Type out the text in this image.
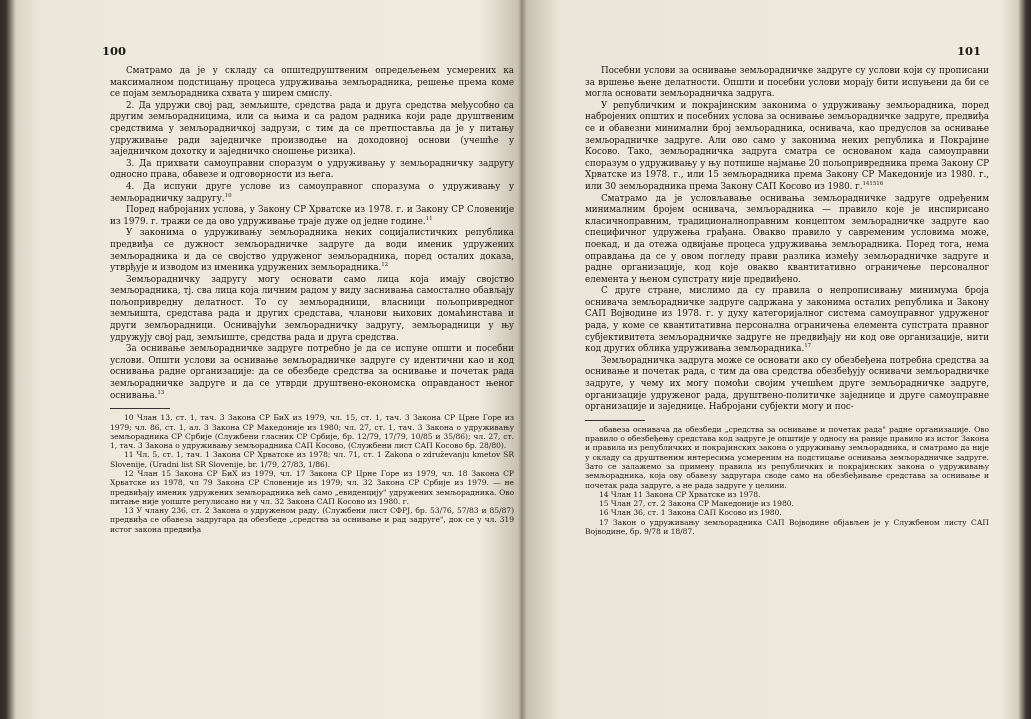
100

Сматрамо да је у складу са општедруштвеним опредељењем усмерених ка максималном подстицању процеса удруживања земљорадника, решење према коме се појам земљорадника схвата у ширем смислу.

2. Да удружи свој рад, земљиште, средства рада и друга средства међусобно са другим земљорадницима, или са њима и са радом радника који раде друштвеним средствима у земљорадничкој задрузи, с тим да се претпоставља да је у питању удруживање ради заједничке производње на доходовној основи (учешће у заједничком дохотку и заједничко сношење ризика).

3. Да прихвати самоуправни споразум о удруживању у земљорадничку задругу односно права, обавезе и одговорности из њега.

4. Да испуни друге услове из самоуправног споразума о удруживању у земљорадничку задругу.$^{10}$

Поред набројаних услова, у Закону СР Хрватске из 1978. г. и Закону СР Словеније из 1979. г. тражи се да ово удруживање траје дуже од једне године.$^{11}$

У законима о удруживању земљорадника неких социјалистичких република предвиђа се дужност земљорадничке задруге да води именик удружених земљорадника и да се својство удруженог земљорадника, поред осталих доказа, утврђује и изводом из именика удружених земљорадника.$^{12}$

Земљорадничку задругу могу основати само лица која имају својство земљорадника, тј. сва лица која личним радом у виду заснивања самостално обављају пољопривредну делатност. То су земљорадници, власници пољопривредног земљишта, средстава рада и других средстава, чланови њихових домаћинстава и други земљорадници. Оснивајући земљорадничку задругу, земљорадници у њу удружују свој рад, земљиште, средства рада и друга средства.

За оснивање земљорадничке задруге потребно је да се испуне општи и посебни услови. Општи услови за оснивање земљорадничке задруге су идентични као и код оснивања радне организације: да се обезбеде средства за оснивање и почетак рада земљорадничке задруге и да се утврди друштвено-економска оправданост њеног оснивања.$^{13}$

10 Члан 13, ст. 1, тач. 3 Закона СР БиХ из 1979, чл. 15, ст. 1, тач. 3 Закона СР Црне Горе из 1979; чл. 86, ст. 1, ал. 3 Закона СР Македоније из 1980; чл. 27, ст. 1, тач. 3 Закона о удруживању земљорадника СР Србије (Службени гласник СР Србије, бр. 12/79, 17/79, 10/85 и 35/86); чл. 27, ст. 1, тач. 3 Закона о удруживању земљорадника САП Косово, (Службени лист САП Косово бр. 28/80).

11 Чл. 5, ст. 1, тач. 1 Закона СР Хрватске из 1978; чл. 71, ст. 1 Zakona o združevanju kmetov SR Slovenije, (Uradni list SR Slovenije, br. 1/79, 27/83, 1/86).

12 Члан 15 Закона СР БиХ из 1979, чл. 17 Закона СР Црне Горе из 1979, чл. 18 Закона СР Хрватске из 1978, чл 79 Закона СР Словеније из 1979; чл. 32 Закона СР Србије из 1979. — не предвиђају именик удружених земљорадника већ само „евиденцију" удружених земљорадника. Ово питање није уопште регулисано ни у чл. 32 Закона САП Косово из 1980. г.

13 У члану 236, ст. 2 Закона о удруженом раду, (Службени лист СФРЈ, бр. 53/76, 57/83 и 85/87) предвиђа се обавеза задругара да обезбеде „средства за оснивање и рад задруге", док се у чл. 319 истог закона предвиђа

101

Посебни услови за оснивање земљорадничке задруге су услови који су прописани за вршење њене делатности. Општи и посебни услови морају бити испуњени да би се могла основати земљорадничка задруга.

У републичким и покрајинским законима о удруживању земљорадника, поред набројених општих и посебних услова за оснивање земљорадничке задруге, предвиђа се и обавезни минимални број земљорадника, оснивача, као предуслов за оснивање земљорадничке задруге. Али ово само у законима неких република и Покрајине Косово. Тако, земљорадничка задруга сматра се основаном када самоуправни споразум о удруживању у њу потпише најмање 20 пољопривредника према Закону СР Хрватске из 1978. г., или 15 земљорадника према Закону СР Македоније из 1980. г., или 30 земљорадника према Закону САП Косово из 1980. г.$^{141516}$

Сматрамо да је условљавање оснивања земљорадничке задруге одређеним минималним бројем оснивача, земљорадника — правило које је инспирисано класичноправним, традиционалноправним концептом земљорадничке задруге као специфичног удружења грађана. Овакво правило у савременим условима може, поекад, и да отежа одвијање процеса удруживања земљорадника. Поред тога, нема оправдања да се у овом погледу прави разлика између земљорадничке задруге и радне организације, код које овакво квантитативно ограничење персоналног елемента у њеном супстрату није предвиђено.

С друге стране, мислимо да су правила о непрописивању минимума броја оснивача земљорадничке задруге садржана у законима осталих република и Закону САП Војводине из 1978. г. у духу категоријалног система самоуправног удруженог рада, у коме се квантитативна персонална ограничења елемента супстрата правног субјективитета земљорадничке задруге не предвиђају ни код ове организације, нити код других облика удруживања земљорадника.$^{17}$

Земљорадничка задруга може се основати ако су обезбеђена потребна средства за оснивање и почетак рада, с тим да ова средства обезбеђују оснивачи земљорадничке задруге, у чему их могу помоћи својим учешћем друге земљорадничке задруге, организације удруженог рада, друштвено-политичке заједнице и друге самоуправне организације и заједнице. Набројани субјекти могу и пос-

обавеза оснивача да обезбеди „средства за оснивање и почетак рада" радне организације. Ово правило о обезбеђењу средстава код задруге је општије у односу на раније правило из истог Закона и правила из републичких и покрајинских закона о удруживању земљорадника, и сматрамо да није у складу са друштвеним интересима усмереним на подстицање оснивања земљорадничке задруге. Зато се залажемо за примену правила из републичких и покрајинских закона о удруживању земљорадника, која ову обавезу задругара своде само на обезбеђивање средстава за оснивање и почетак рада задруге, а не рада задруге у целини.

14 Члан 11 Закона СР Хрватске из 1978.

15 Члан 27, ст. 2 Закона СР Македоније из 1980.

16 Члан 36, ст. 1 Закона САП Косово из 1980.

17 Закон о удруживању земљорадника САП Војводине објављен је у Службеном листу САП Војводине, бр. 9/78 и 18/87.
